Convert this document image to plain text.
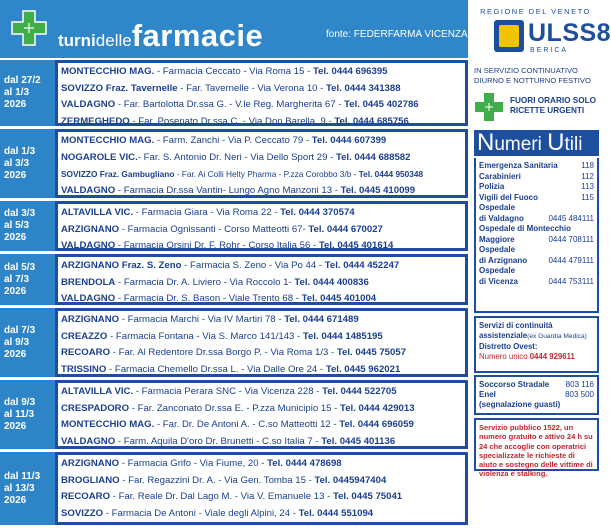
turnidellefarmacie	fonte: FEDERFARMA VICENZA
dal 27/2
al 1/3
2026
MONTECCHIO MAG. - Farmacia Ceccato - Via Roma 15 - Tel. 0444 696395
SOVIZZO Fraz. Tavernelle - Far. Tavernelle - Via Verona 10 - Tel. 0444 341388
VALDAGNO - Far. Bartolotta Dr.ssa G. - V.le Reg. Margherita 67 - Tel. 0445 402786
ZERMEGHEDO - Far. Posenato Dr.ssa C. - Via Don Barella, 9 - Tel. 0444 685756
dal 1/3
al 3/3
2026
MONTECCHIO MAG. - Farm. Zanchi - Via P. Ceccato 79 - Tel. 0444 607399
NOGAROLE VIC.- Far. S. Antonio Dr. Neri - Via Dello Sport 29 - Tel. 0444 688582
SOVIZZO Fraz. Gambugliano - Far. Ai Colli Helty Pharma - P.zza Corobbo 3/b - Tel. 0444 950348
VALDAGNO - Farmacia Dr.ssa Vantin- Lungo Agno Manzoni 13 - Tel. 0445 410099
dal 3/3
al 5/3
2026
ALTAVILLA VIC. - Farmacia Giara - Via Roma 22 - Tel. 0444 370574
ARZIGNANO - Farmacia Ognissanti - Corso Matteotti 67- Tel. 0444 670027
VALDAGNO - Farmacia Orsini Dr. F. Rohr - Corso Italia 56 - Tel. 0445 401614
dal 5/3
al 7/3
2026
ARZIGNANO Fraz. S. Zeno - Farmacia S. Zeno - Via Po 44 - Tel. 0444 452247
BRENDOLA - Farmacia Dr. A. Liviero - Via Roccolo 1- Tel. 0444 400836
VALDAGNO - Farmacia Dr. S. Bason - Viale Trento 68 - Tel. 0445 401004
dal 7/3
al 9/3
2026
ARZIGNANO - Farmacia Marchi - Via IV Martiri 78 - Tel. 0444 671489
CREAZZO - Farmacia Fontana - Via S. Marco 141/143 - Tel. 0444 1485195
RECOARO - Far. Al Redentore Dr.ssa Borgo P. - Via Roma 1/3 - Tel. 0445 75057
TRISSINO - Farmacia Chemello Dr.ssa L. - Via Dalle Ore 24 - Tel. 0445 962021
dal 9/3
al 11/3
2026
ALTAVILLA VIC. - Farmacia Perara SNC - Via Vicenza 228 - Tel. 0444 522705
CRESPADORO - Far. Zanconato Dr.ssa E. - P.zza Municipio 15 - Tel. 0444 429013
MONTECCHIO MAG. - Far. Dr. De Antoni A. - C.so Matteotti 12 - Tel. 0444 696059
VALDAGNO - Farm. Aquila D'oro Dr. Brunetti - C.so Italia 7 - Tel. 0445 401136
dal 11/3
al 13/3
2026
ARZIGNANO - Farmacia Grifo - Via Fiume, 20 - Tel. 0444 478698
BROGLIANO - Far. Regazzini Dr. A. - Via Gen. Tomba 15 - Tel. 0445947404
RECOARO - Far. Reale Dr. Dal Lago M. - Via V. Emanuele 13 - Tel. 0445 75041
SOVIZZO - Farmacia De Antoni - Viale degli Alpini, 24 - Tel. 0444 551094
REGIONE DEL VENETO
ULSS8
BERICA
IN SERVIZIO CONTINUATIVO
DIURNO E NOTTURNO FESTIVO
FUORI ORARIO SOLO
RICETTE URGENTI
Numeri Utili
Emergenza Sanitaria	118
Carabinieri	112
Polizia	113
Vigili del Fuoco	115
Ospedale
di Valdagno	0445 484111
Ospedale di Montecchio
Maggiore	0444 708111
Ospedale
di Arzignano	0444 479111
Ospedale
di Vicenza	0444 753111
Servizi di continuità
assistenziale(ex Guardia Medica)
Distretto Ovest:
Numero unico 0444 929611
Soccorso Stradale 803 116
Enel	803 500
(segnalazione guasti)
Servizio pubblico 1522, un numero gratuito e attivo 24 h su 24 che accoglie con operatrici specializzate le richieste di aiuto e sostegno delle vittime di violenza e stalking.
